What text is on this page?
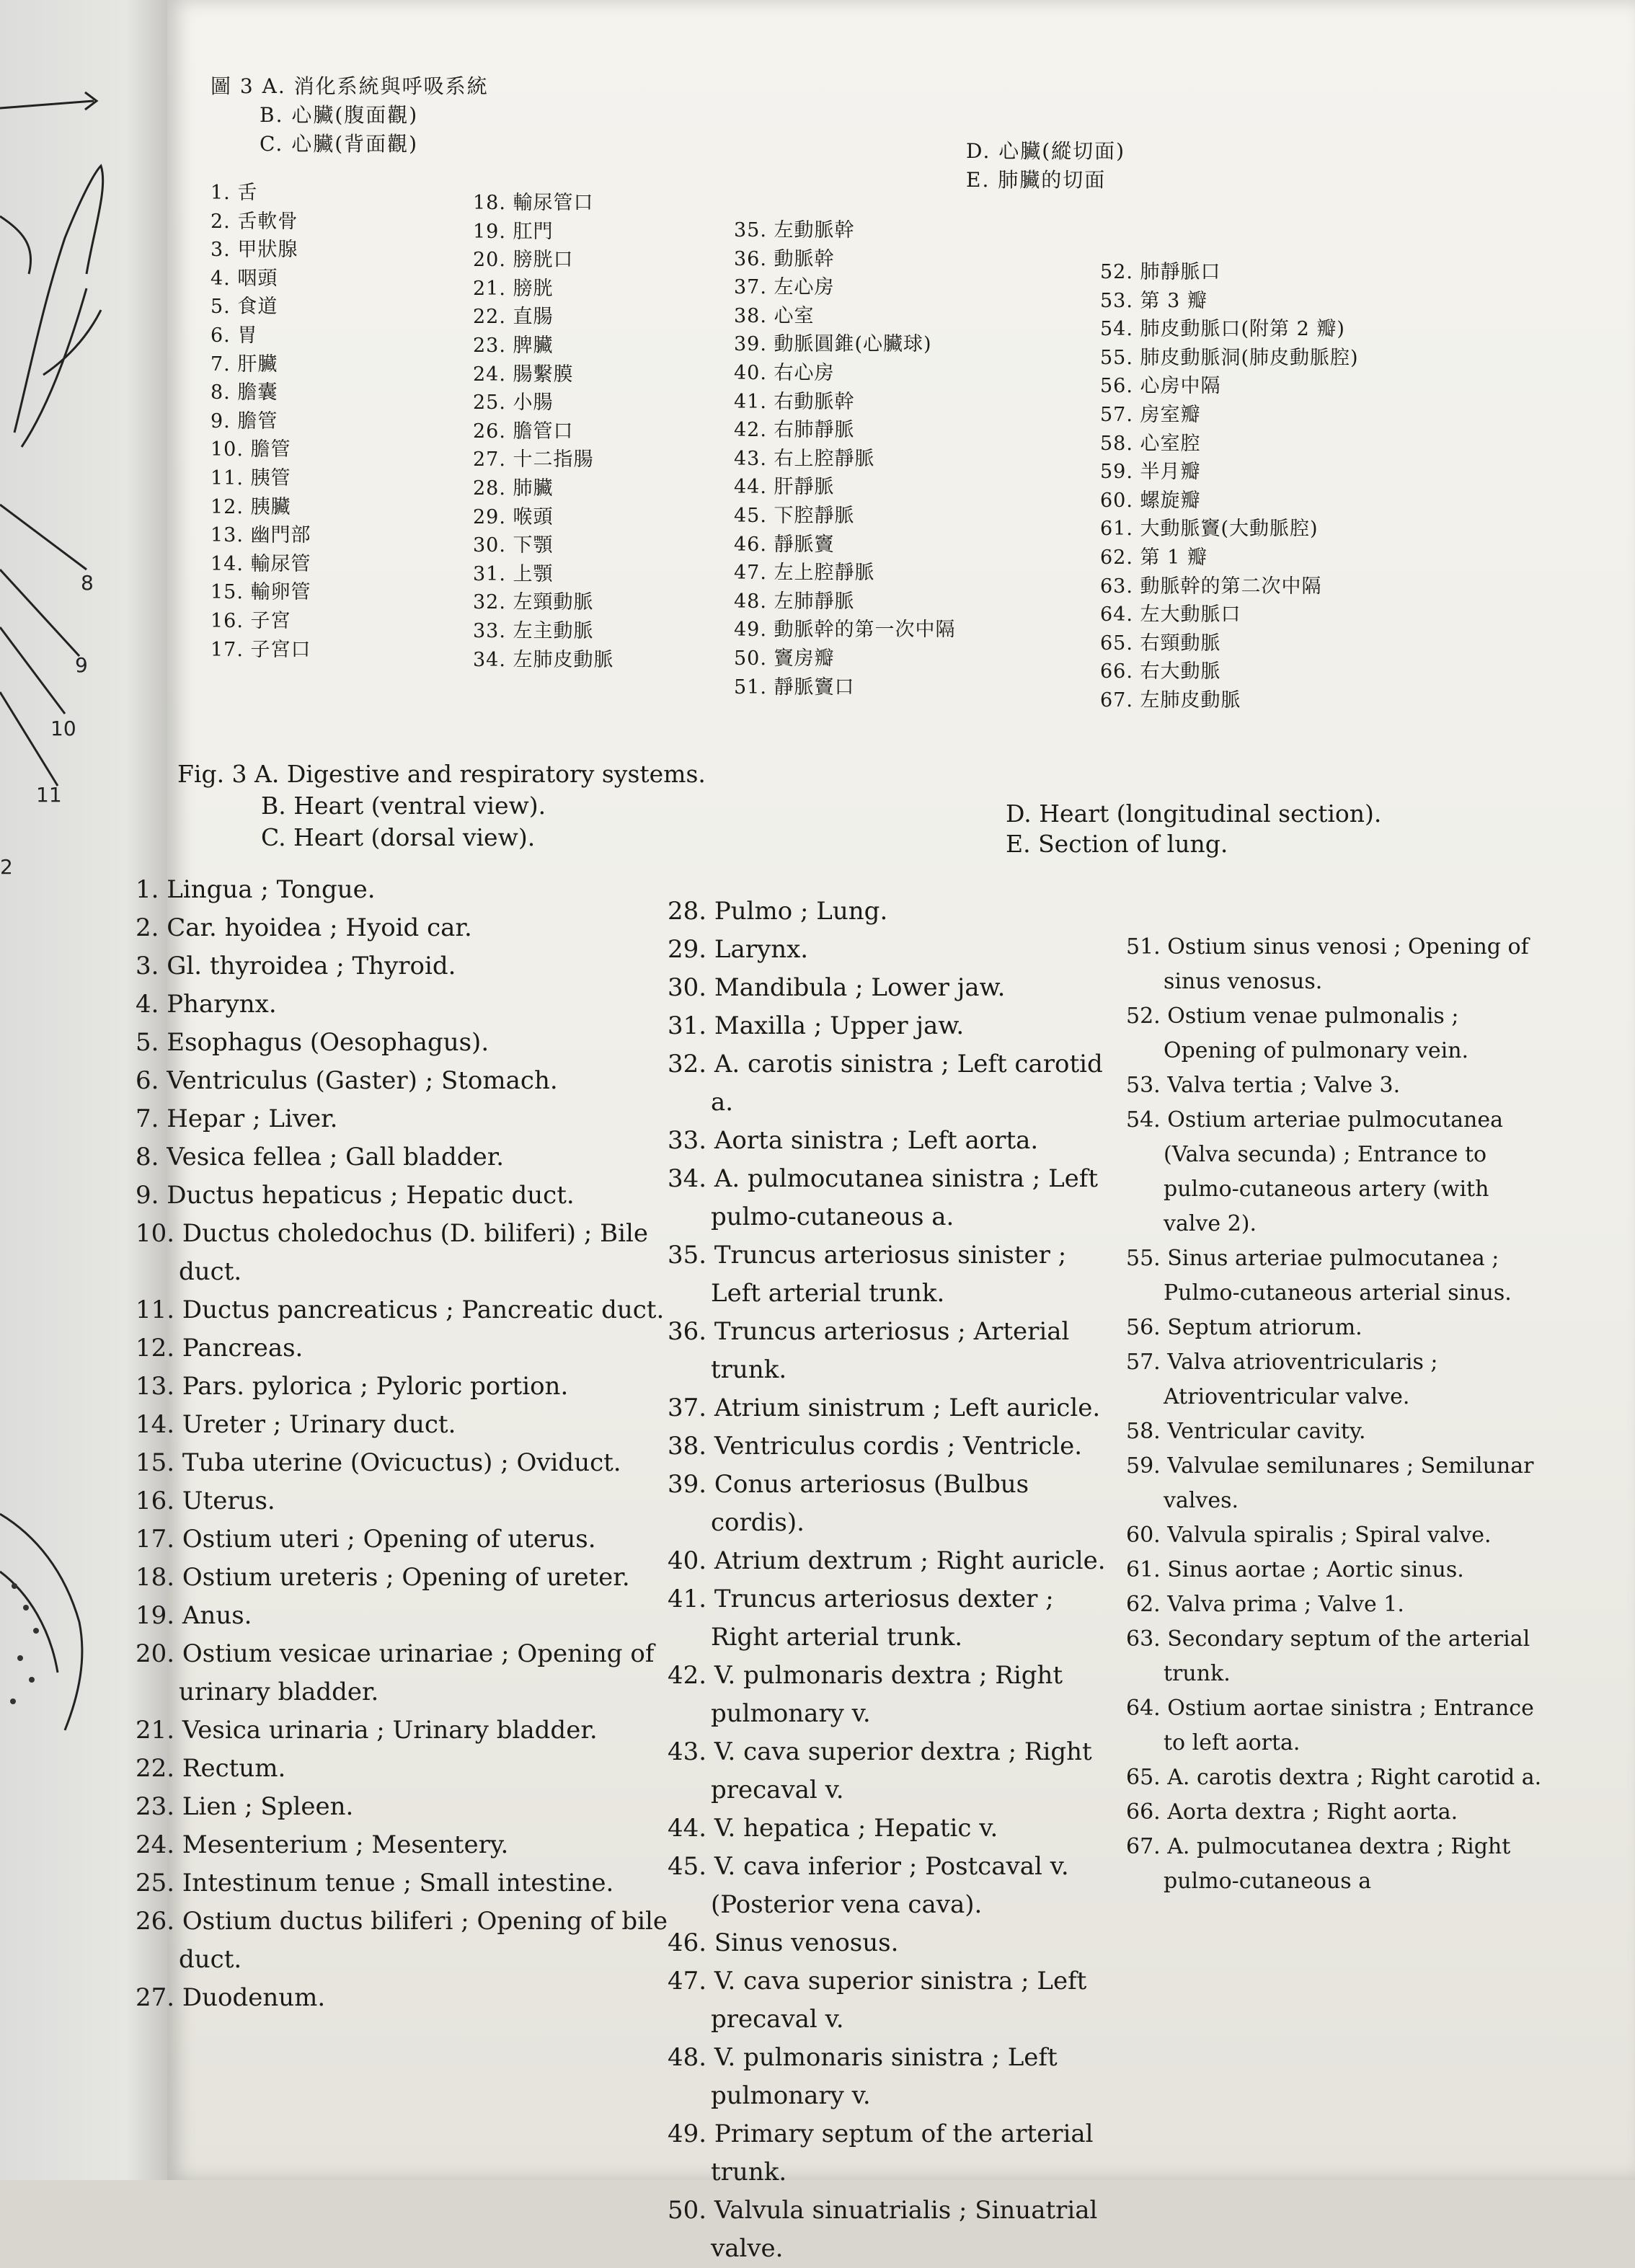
8
9
10
11
2
圖 3 A. 消化系統與呼吸系統
B. 心臟(腹面觀)
C. 心臟(背面觀)	D. 心臟(縱切面)
E. 肺臟的切面
1. 舌
2. 舌軟骨
3. 甲狀腺
4. 咽頭
5. 食道
6. 胃
7. 肝臟
8. 膽囊
9. 膽管
10. 膽管
11. 胰管
12. 胰臟
13. 幽門部
14. 輸尿管
15. 輸卵管
16. 子宮
17. 子宮口
18. 輸尿管口
19. 肛門
20. 膀胱口
21. 膀胱
22. 直腸
23. 脾臟
24. 腸繫膜
25. 小腸
26. 膽管口
27. 十二指腸
28. 肺臟
29. 喉頭
30. 下顎
31. 上顎
32. 左頸動脈
33. 左主動脈
34. 左肺皮動脈
35. 左動脈幹
36. 動脈幹
37. 左心房
38. 心室
39. 動脈圓錐(心臟球)
40. 右心房
41. 右動脈幹
42. 右肺靜脈
43. 右上腔靜脈
44. 肝靜脈
45. 下腔靜脈
46. 靜脈竇
47. 左上腔靜脈
48. 左肺靜脈
49. 動脈幹的第一次中隔
50. 竇房瓣
51. 靜脈竇口
52. 肺靜脈口
53. 第 3 瓣
54. 肺皮動脈口(附第 2 瓣)
55. 肺皮動脈洞(肺皮動脈腔)
56. 心房中隔
57. 房室瓣
58. 心室腔
59. 半月瓣
60. 螺旋瓣
61. 大動脈竇(大動脈腔)
62. 第 1 瓣
63. 動脈幹的第二次中隔
64. 左大動脈口
65. 右頸動脈
66. 右大動脈
67. 左肺皮動脈
Fig. 3 A. Digestive and respiratory systems.
B. Heart (ventral view).
C. Heart (dorsal view).
D. Heart (longitudinal section).
E. Section of lung.
1. Lingua ; Tongue.
2. Car. hyoidea ; Hyoid car.
3. Gl. thyroidea ; Thyroid.
4. Pharynx.
5. Esophagus (Oesophagus).
6. Ventriculus (Gaster) ; Stomach.
7. Hepar ; Liver.
8. Vesica fellea ; Gall bladder.
9. Ductus hepaticus ; Hepatic duct.
10. Ductus choledochus (D. biliferi) ; Bile duct.
11. Ductus pancreaticus ; Pancreatic duct.
12. Pancreas.
13. Pars. pylorica ; Pyloric portion.
14. Ureter ; Urinary duct.
15. Tuba uterine (Ovicuctus) ; Oviduct.
16. Uterus.
17. Ostium uteri ; Opening of uterus.
18. Ostium ureteris ; Opening of ureter.
19. Anus.
20. Ostium vesicae urinariae ; Opening of urinary bladder.
21. Vesica urinaria ; Urinary bladder.
22. Rectum.
23. Lien ; Spleen.
24. Mesenterium ; Mesentery.
25. Intestinum tenue ; Small intestine.
26. Ostium ductus biliferi ; Opening of bile duct.
27. Duodenum.
28. Pulmo ; Lung.
29. Larynx.
30. Mandibula ; Lower jaw.
31. Maxilla ; Upper jaw.
32. A. carotis sinistra ; Left carotid a.
33. Aorta sinistra ; Left aorta.
34. A. pulmocutanea sinistra ; Left pulmo-cutaneous a.
35. Truncus arteriosus sinister ; Left arterial trunk.
36. Truncus arteriosus ; Arterial trunk.
37. Atrium sinistrum ; Left auricle.
38. Ventriculus cordis ; Ventricle.
39. Conus arteriosus (Bulbus cordis).
40. Atrium dextrum ; Right auricle.
41. Truncus arteriosus dexter ; Right arterial trunk.
42. V. pulmonaris dextra ; Right pulmonary v.
43. V. cava superior dextra ; Right precaval v.
44. V. hepatica ; Hepatic v.
45. V. cava inferior ; Postcaval v. (Posterior vena cava).
46. Sinus venosus.
47. V. cava superior sinistra ; Left precaval v.
48. V. pulmonaris sinistra ; Left pulmonary v.
49. Primary septum of the arterial trunk.
50. Valvula sinuatrialis ; Sinuatrial valve.
51. Ostium sinus venosi ; Opening of sinus venosus.
52. Ostium venae pulmonalis ; Opening of pulmonary vein.
53. Valva tertia ; Valve 3.
54. Ostium arteriae pulmocutanea (Valva secunda) ; Entrance to pulmo-cutaneous artery (with valve 2).
55. Sinus arteriae pulmocutanea ; Pulmo-cutaneous arterial sinus.
56. Septum atriorum.
57. Valva atrioventricularis ; Atrioventricular valve.
58. Ventricular cavity.
59. Valvulae semilunares ; Semilunar valves.
60. Valvula spiralis ; Spiral valve.
61. Sinus aortae ; Aortic sinus.
62. Valva prima ; Valve 1.
63. Secondary septum of the arterial trunk.
64. Ostium aortae sinistra ; Entrance to left aorta.
65. A. carotis dextra ; Right carotid a.
66. Aorta dextra ; Right aorta.
67. A. pulmocutanea dextra ; Right pulmo-cutaneous a
